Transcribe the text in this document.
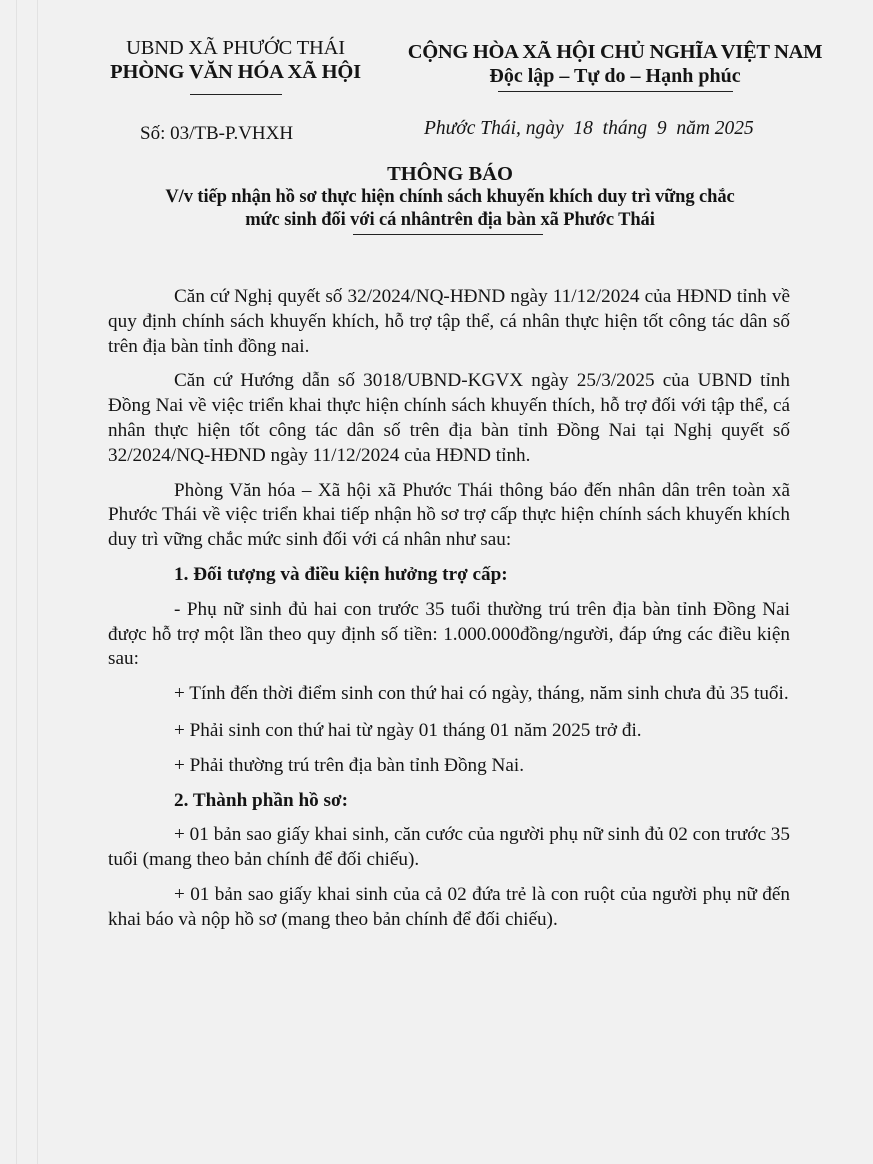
UBND XÃ PHƯỚC THÁI
PHÒNG VĂN HÓA XÃ HỘI
CỘNG HÒA XÃ HỘI CHỦ NGHĨA VIỆT NAM
Độc lập – Tự do – Hạnh phúc
Số: 03/TB-P.VHXH	Phước Thái, ngày  18  tháng  9  năm 2025
THÔNG BÁO
V/v tiếp nhận hồ sơ thực hiện chính sách khuyến khích duy trì vững chắc
mức sinh đối với cá nhântrên địa bàn xã Phước Thái

Căn cứ Nghị quyết số 32/2024/NQ-HĐND ngày 11/12/2024 của HĐND tỉnh về quy định chính sách khuyến khích, hỗ trợ tập thể, cá nhân thực hiện tốt công tác dân số trên địa bàn tỉnh đồng nai.

Căn cứ Hướng dẫn số 3018/UBND-KGVX ngày 25/3/2025 của UBND tỉnh Đồng Nai về việc triển khai thực hiện chính sách khuyến thích, hỗ trợ đối với tập thể, cá nhân thực hiện tốt công tác dân số trên địa bàn tỉnh Đồng Nai tại Nghị quyết số 32/2024/NQ-HĐND ngày 11/12/2024 của HĐND tỉnh.

Phòng Văn hóa – Xã hội xã Phước Thái thông báo đến nhân dân trên toàn xã Phước Thái về việc triển khai tiếp nhận hồ sơ trợ cấp thực hiện chính sách khuyến khích duy trì vững chắc mức sinh đối với cá nhân như sau:

1. Đối tượng và điều kiện hưởng trợ cấp:

- Phụ nữ sinh đủ hai con trước 35 tuổi thường trú trên địa bàn tỉnh Đồng Nai được hỗ trợ một lần theo quy định số tiền: 1.000.000đồng/người, đáp ứng các điều kiện sau:

+ Tính đến thời điểm sinh con thứ hai có ngày, tháng, năm sinh chưa đủ 35 tuổi.

+ Phải sinh con thứ hai từ ngày 01 tháng 01 năm 2025 trở đi.

+ Phải thường trú trên địa bàn tỉnh Đồng Nai.

2. Thành phần hồ sơ:

+ 01 bản sao giấy khai sinh, căn cước của người phụ nữ sinh đủ 02 con trước 35 tuổi (mang theo bản chính để đối chiếu).

+ 01 bản sao giấy khai sinh của cả 02 đứa trẻ là con ruột của người phụ nữ đến khai báo và nộp hồ sơ (mang theo bản chính để đối chiếu).
